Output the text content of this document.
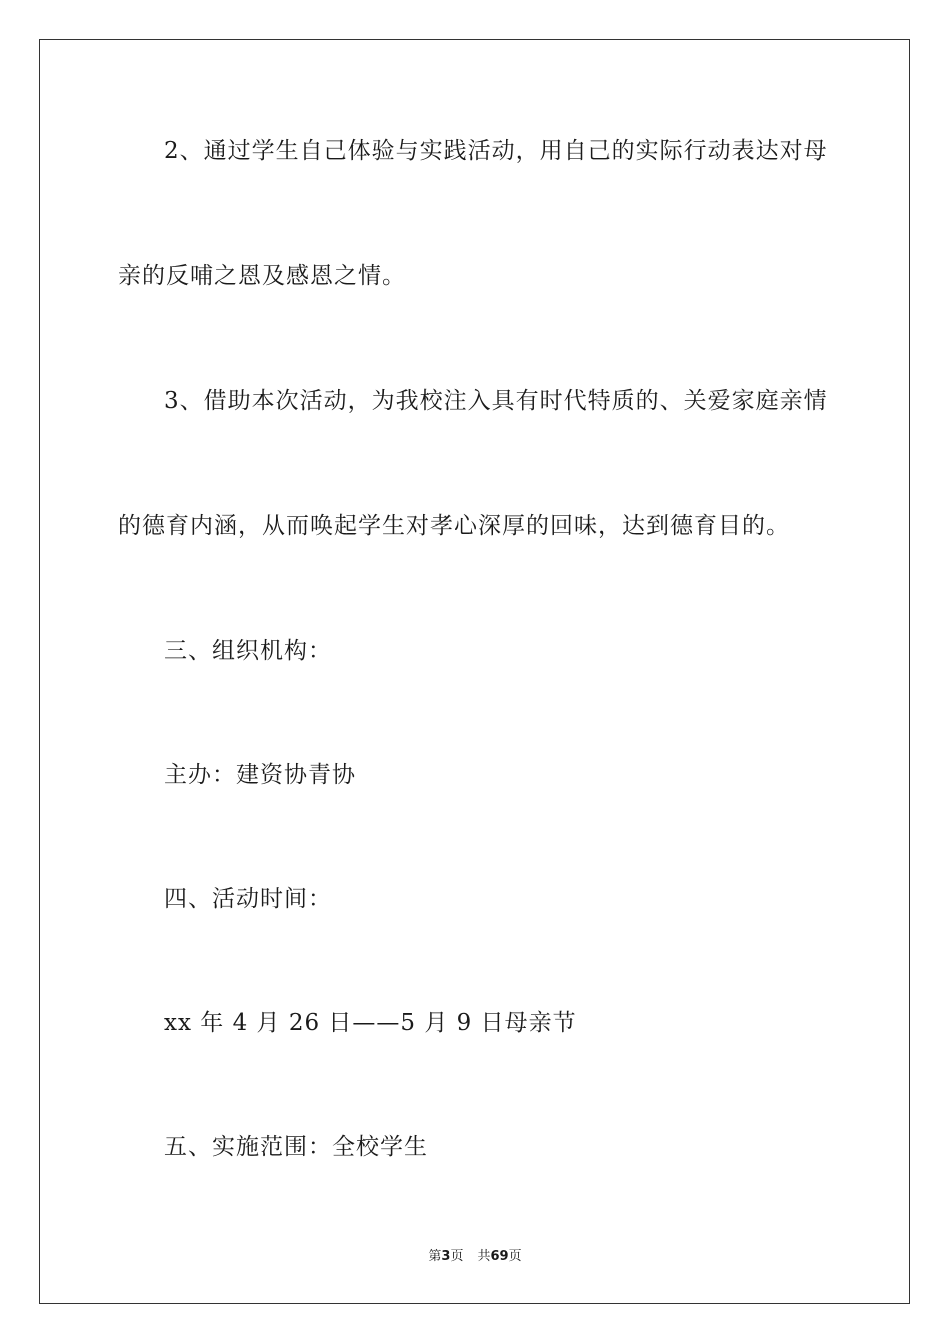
2、通过学生自己体验与实践活动，用自己的实际行动表达对母
亲的反哺之恩及感恩之情。
3、借助本次活动，为我校注入具有时代特质的、关爱家庭亲情
的德育内涵，从而唤起学生对孝心深厚的回味，达到德育目的。
三、组织机构：
主办：建资协青协
四、活动时间：
xx 年 4 月 26 日——5 月 9 日母亲节
五、实施范围：全校学生
第3页 共69页
